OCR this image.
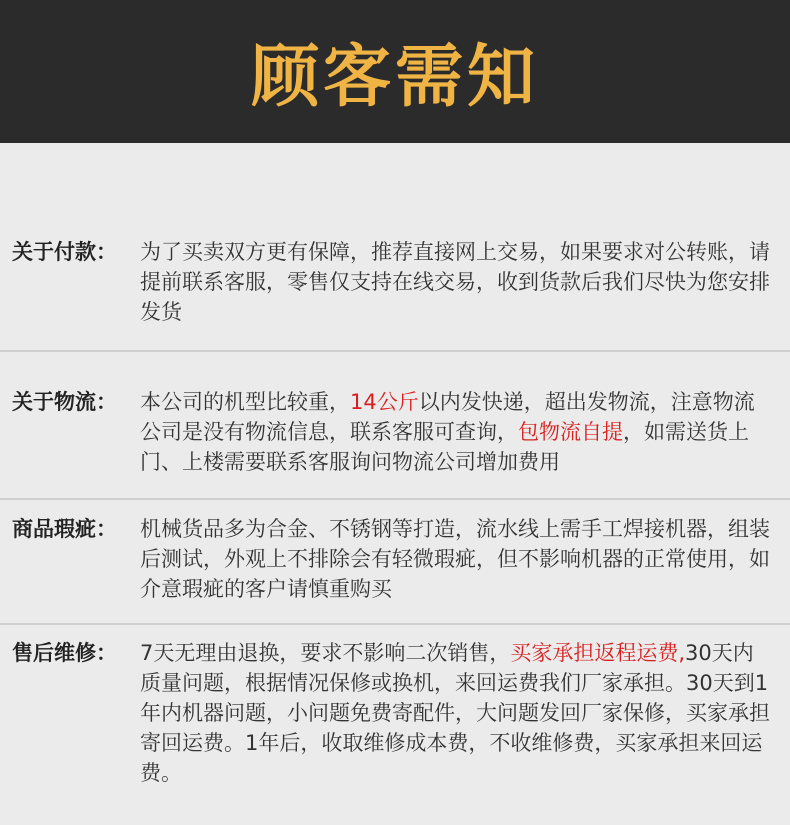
顾客需知
关于付款：	为了买卖双方更有保障，推荐直接网上交易，如果要求对公转账，请提前联系客服，零售仅支持在线交易，收到货款后我们尽快为您安排发货
关于物流：	本公司的机型比较重，14公斤以内发快递，超出发物流，注意物流公司是没有物流信息，联系客服可查询，包物流自提，如需送货上门、上楼需要联系客服询问物流公司增加费用
商品瑕疵：	机械货品多为合金、不锈钢等打造，流水线上需手工焊接机器，组装后测试，外观上不排除会有轻微瑕疵，但不影响机器的正常使用，如介意瑕疵的客户请慎重购买
售后维修：	7天无理由退换，要求不影响二次销售，买家承担返程运费,30天内质量问题，根据情况保修或换机，来回运费我们厂家承担。30天到1年内机器问题，小问题免费寄配件，大问题发回厂家保修，买家承担寄回运费。1年后，收取维修成本费，不收维修费，买家承担来回运费。
